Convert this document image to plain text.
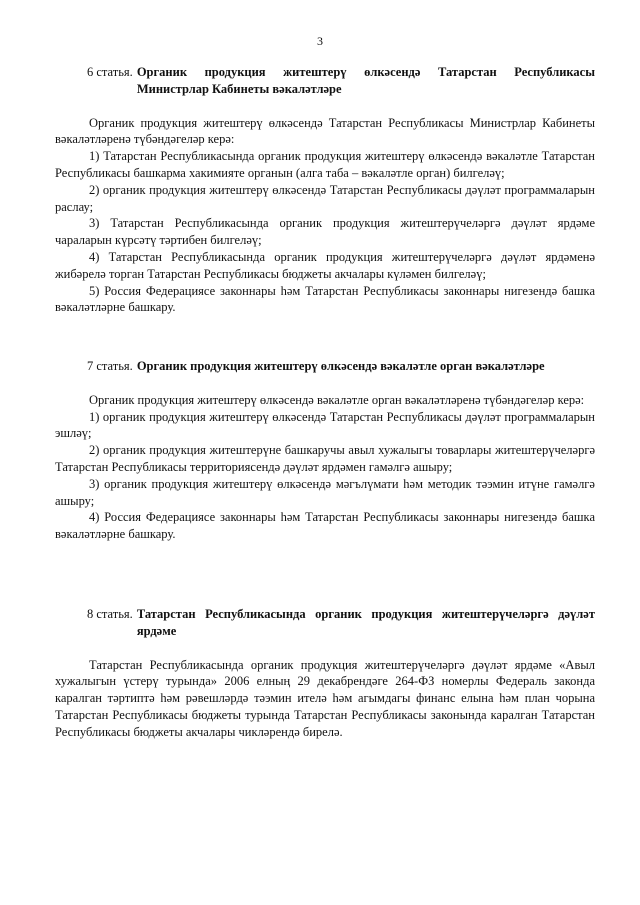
3
6 статья. Органик продукция житештерү өлкәсендә Татарстан Республикасы Министрлар Кабинеты вәкаләтләре

Органик продукция житештерү өлкәсендә Татарстан Республикасы Министрлар Кабинеты вәкаләтләренә түбәндәгеләр керә:

1) Татарстан Республикасында органик продукция житештерү өлкәсендә вәкаләтле Татарстан Республикасы башкарма хакимияте органын (алга таба – вәкаләтле орган) билгеләү;

2) органик продукция житештерү өлкәсендә Татарстан Республикасы дәүләт программаларын раслау;

3) Татарстан Республикасында органик продукция житештерүчеләргә дәүләт ярдәме чараларын күрсәтү тәртибен билгеләү;

4) Татарстан Республикасында органик продукция житештерүчеләргә дәүләт ярдәменә жибәрелә торган Татарстан Республикасы бюджеты акчалары күләмен билгеләү;

5) Россия Федерациясе законнары һәм Татарстан Республикасы законнары нигезендә башка вәкаләтләрне башкару.

7 статья. Органик продукция житештерү өлкәсендә вәкаләтле орган вәкаләтләре

Органик продукция житештерү өлкәсендә вәкаләтле орган вәкаләтләренә түбәндәгеләр керә:

1) органик продукция житештерү өлкәсендә Татарстан Республикасы дәүләт программаларын эшләү;

2) органик продукция житештерүне башкаручы авыл хужалыгы товарлары житештерүчеләргә Татарстан Республикасы территориясендә дәүләт ярдәмен гамәлгә ашыру;

3) органик продукция житештерү өлкәсендә мәгълүмати һәм методик тәэмин итүне гамәлгә ашыру;

4) Россия Федерациясе законнары һәм Татарстан Республикасы законнары нигезендә башка вәкаләтләрне башкару.

8 статья. Татарстан Республикасында органик продукция житештерүчеләргә дәүләт ярдәме

Татарстан Республикасында органик продукция житештерүчеләргә дәүләт ярдәме «Авыл хужалыгын үстерү турында» 2006 елның 29 декабрендәге 264-ФЗ номерлы Федераль законда каралган тәртиптә һәм рәвешләрдә тәэмин ителә һәм агымдагы финанс елына һәм план чорына Татарстан Республикасы бюджеты турында Татарстан Республикасы законында каралган Татарстан Республикасы бюджеты акчалары чикләрендә бирелә.
